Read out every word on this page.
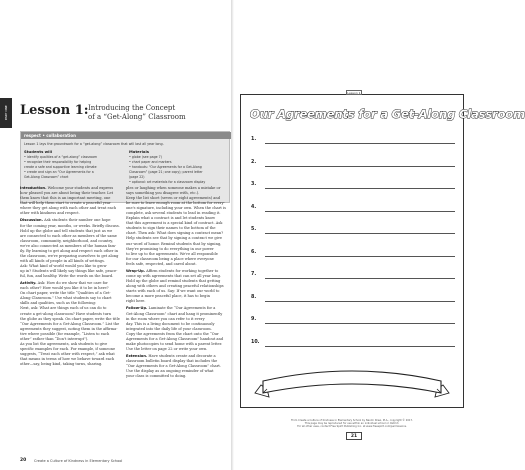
PART ONE Lesson 1: Introducing the Concept
of a “Get-Along” Classroom
respect • collaboration
Lesson 1 lays the groundwork for a “get-along” classroom that will last all year long.
Students will
• identify qualities of a “get-along” classroom
• recognize their responsibility for helping
create a safe and supportive learning climate
• create and sign an “Our Agreements for a
Get-Along Classroom” chart
Materials
• globe (see page 7)
• chart paper and markers
• handouts: “Our Agreements for a Get-Along
Classroom” (page 21; one copy); parent letter
(page 22)
• optional: art materials for a classroom display
Introduction. Welcome your students and express
how pleased you are about being their teacher. Let
them know that this is an important meeting, one
that will help them start to create a peaceful year
where they get along with each other and treat each
other with kindness and respect.
Discussion. Ask students their number one hope
for the coming year, months, or weeks. Briefly discuss.
Hold up the globe and tell students that just as we
are connected to each other as members of the same
classroom, community, neighborhood, and country,
we're also connected as members of the human fam-
ily. By learning to get along and respect each other in
the classroom, we're preparing ourselves to get along
with all kinds of people in all kinds of settings.
Ask: What kind of world would you like to grow
up in? Students will likely say things like safe, peace-
ful, fun, and healthy. Write the words on the board.
Activity. Ask: How do we show that we care for
each other? How would you like it to be in here?
On chart paper, write the title “Qualities of a Get-
Along Classroom.” Use what students say to chart
skills and qualities, such as the following:
Next, ask: What are things each of us can do to
create a get-along classroom? Have students turn
the globe as they speak. On chart paper, write the title
“Our Agreements for a Get-Along Classroom.” List the
agreements they suggest, noting them in the affirma-
tive where possible (for example, “Listen to each
other” rather than “Don't interrupt”).
As you list the agreements, ask students to give
specific examples for each. For example, if someone
suggests, “Treat each other with respect,” ask what
that means in terms of how we behave toward each
other—say, being kind, taking turns, sharing.
ples or laughing when someone makes a mistake or
says something you disagree with, etc.).
Keep the list short (seven or eight agreements) and
be sure to leave enough room at the bottom for every-
one's signature, including your own. When the chart is
complete, ask several students to lead in reading it.
Explain what a contract is and let students know
that this agreement is a special kind of contract. Ask
students to sign their names to the bottom of the
chart. Then ask: What does signing a contract mean?
Help students see that by signing a contract we give
our word of honor. Remind students that by signing,
they're promising to do everything in our power
to live up to the agreements. We're all responsible
for our classroom being a place where everyone
feels safe, respected, and cared about.
Wrap-Up. Affirm students for working together to
come up with agreements that can set all year long.
Hold up the globe and remind students that getting
along with others and creating peaceful relationships
starts with each of us. Say: If we want our world to
become a more peaceful place, it has to begin
right here.
Follow-Up. Laminate the “Our Agreements for a
Get-Along Classroom” chart and hang it prominently
in the room where you can refer to it every
day. This is a living document to be continuously
integrated into the daily life of your classroom.
Copy the agreements from the chart onto the “Our
Agreements for a Get-Along Classroom” handout and
make photocopies to send home with a parent letter.
Use the letter on page 22 or write your own.
Extension. Have students create and decorate a
classroom bulletin board display that includes the
“Our Agreements for a Get-Along Classroom” chart.
Use the display as an ongoing reminder of what
your class is committed to doing.
20 Create a Culture of Kindness in Elementary School
Lesson 1
Our Agreements for a Get-Along Classroom
1.
2.
3.
4.
5.
6.
7.
8.
9.
10.
From Create a Culture of Kindness in Elementary School by Naomi Drew, M.A., copyright © 2017.
This page may be reproduced for use within an individual school or district.
For all other uses, contact Free Spirit Publishing Inc. at www.freespirit.com/permissions.
21
